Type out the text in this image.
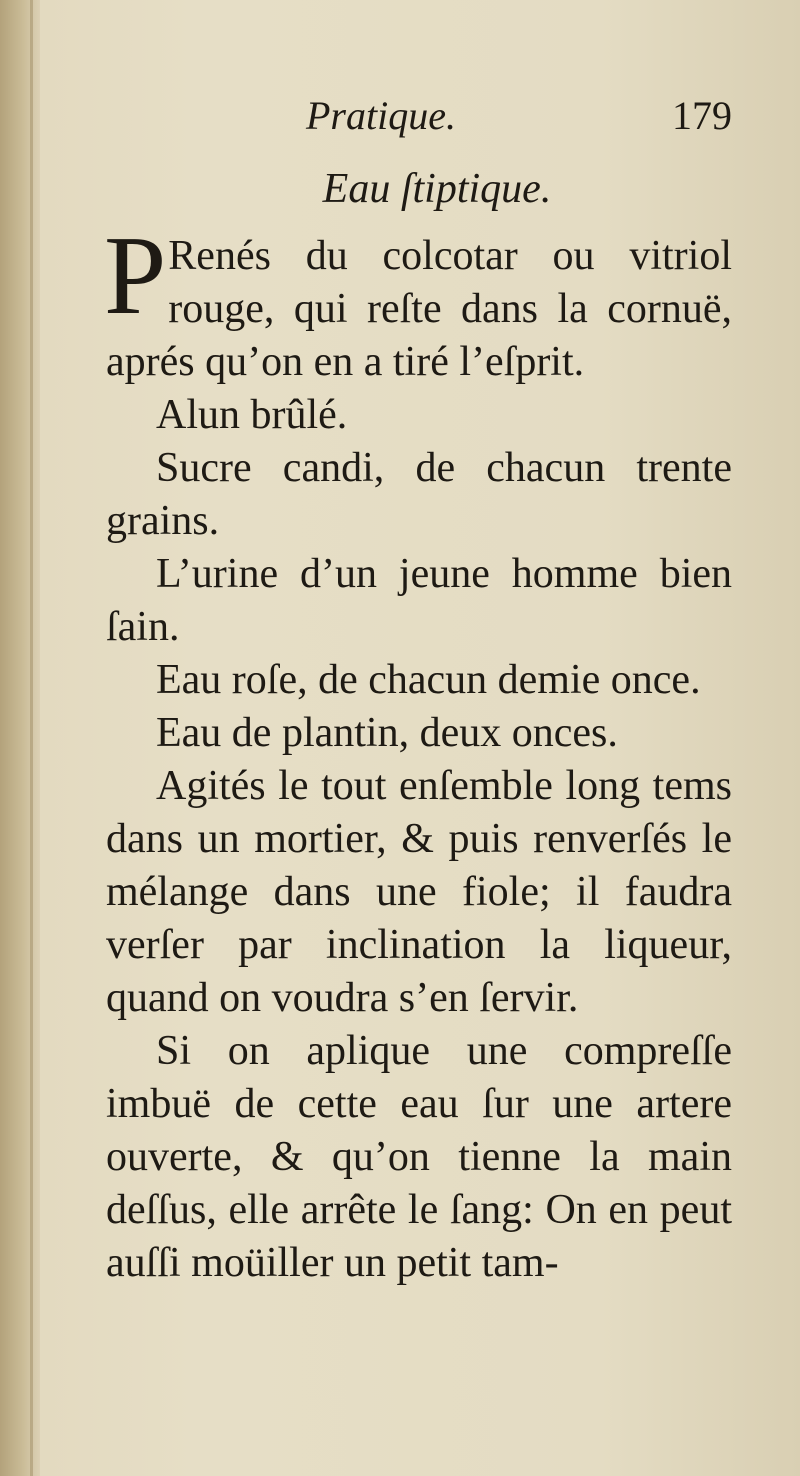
Pratique.	179
Eau ſtiptique.

P Renés du colcotar ou vitriol rouge, qui reſte dans la cornuë, aprés qu’on en a tiré l’eſprit.

Alun brûlé.

Sucre candi, de chacun trente grains.

L’urine d’un jeune homme bien ſain.

Eau roſe, de chacun demie once.

Eau de plantin, deux onces.

Agités le tout enſemble long tems dans un mortier, & puis renverſés le mélange dans une fiole; il faudra verſer par inclination la liqueur, quand on voudra s’en ſervir.

Si on aplique une compreſſe imbuë de cette eau ſur une artere ouverte, & qu’on tienne la main deſſus, elle arrête le ſang: On en peut auſſi moüiller un petit tam-
